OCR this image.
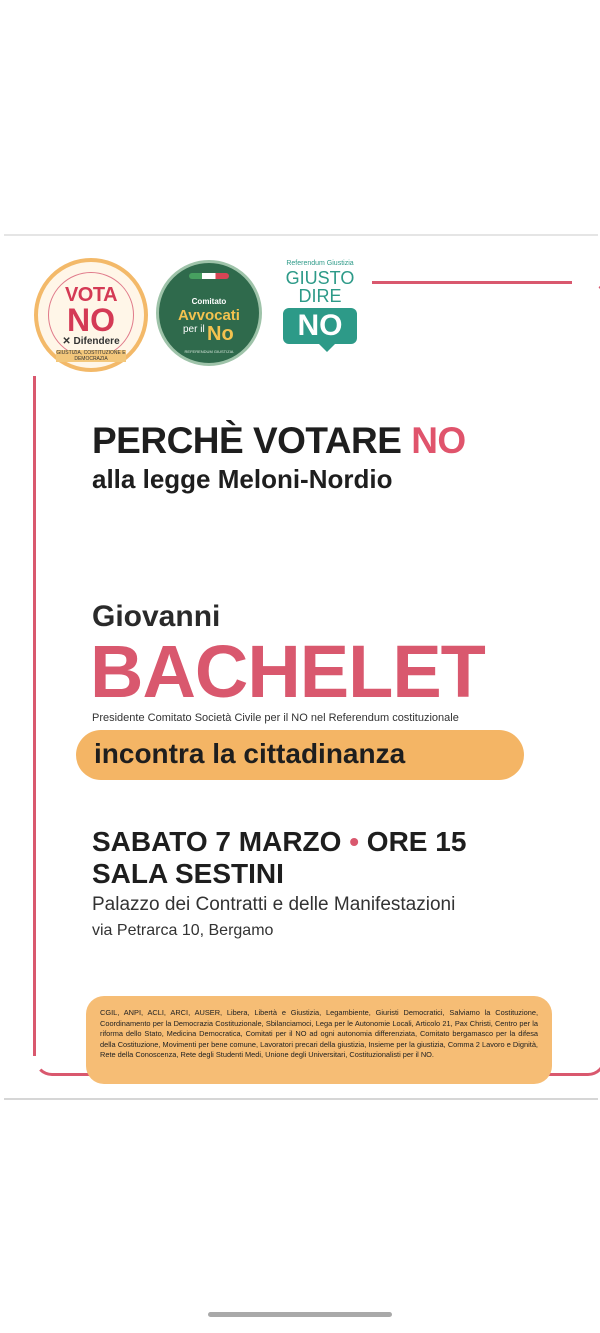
VOTA
NO
✕ Difendere
GIUSTIZIA, COSTITUZIONE E DEMOCRAZIA
Comitato
Avvocati
per il No
REFERENDUM GIUSTIZIA
Referendum Giustizia
GIUSTO
DIRE
NO
PERCHÈ VOTARE NO
alla legge Meloni-Nordio
Giovanni
BACHELET
Presidente Comitato Società Civile per il NO nel Referendum costituzionale
incontra la cittadinanza
SABATO 7 MARZO • ORE 15
SALA SESTINI
Palazzo dei Contratti e delle Manifestazioni
via Petrarca 10, Bergamo
CGIL, ANPI, ACLI, ARCI, AUSER, Libera, Libertà e Giustizia, Legambiente, Giuristi Democratici, Salviamo la Costituzione, Coordinamento per la Democrazia Costituzionale, Sbilanciamoci, Lega per le Autonomie Locali, Articolo 21, Pax Christi, Centro per la riforma dello Stato, Medicina Democratica, Comitati per il NO ad ogni autonomia differenziata, Comitato bergamasco per la difesa della Costituzione, Movimenti per bene comune, Lavoratori precari della giustizia, Insieme per la giustizia, Comma 2 Lavoro e Dignità, Rete della Conoscenza, Rete degli Studenti Medi, Unione degli Universitari, Costituzionalisti per il NO.
